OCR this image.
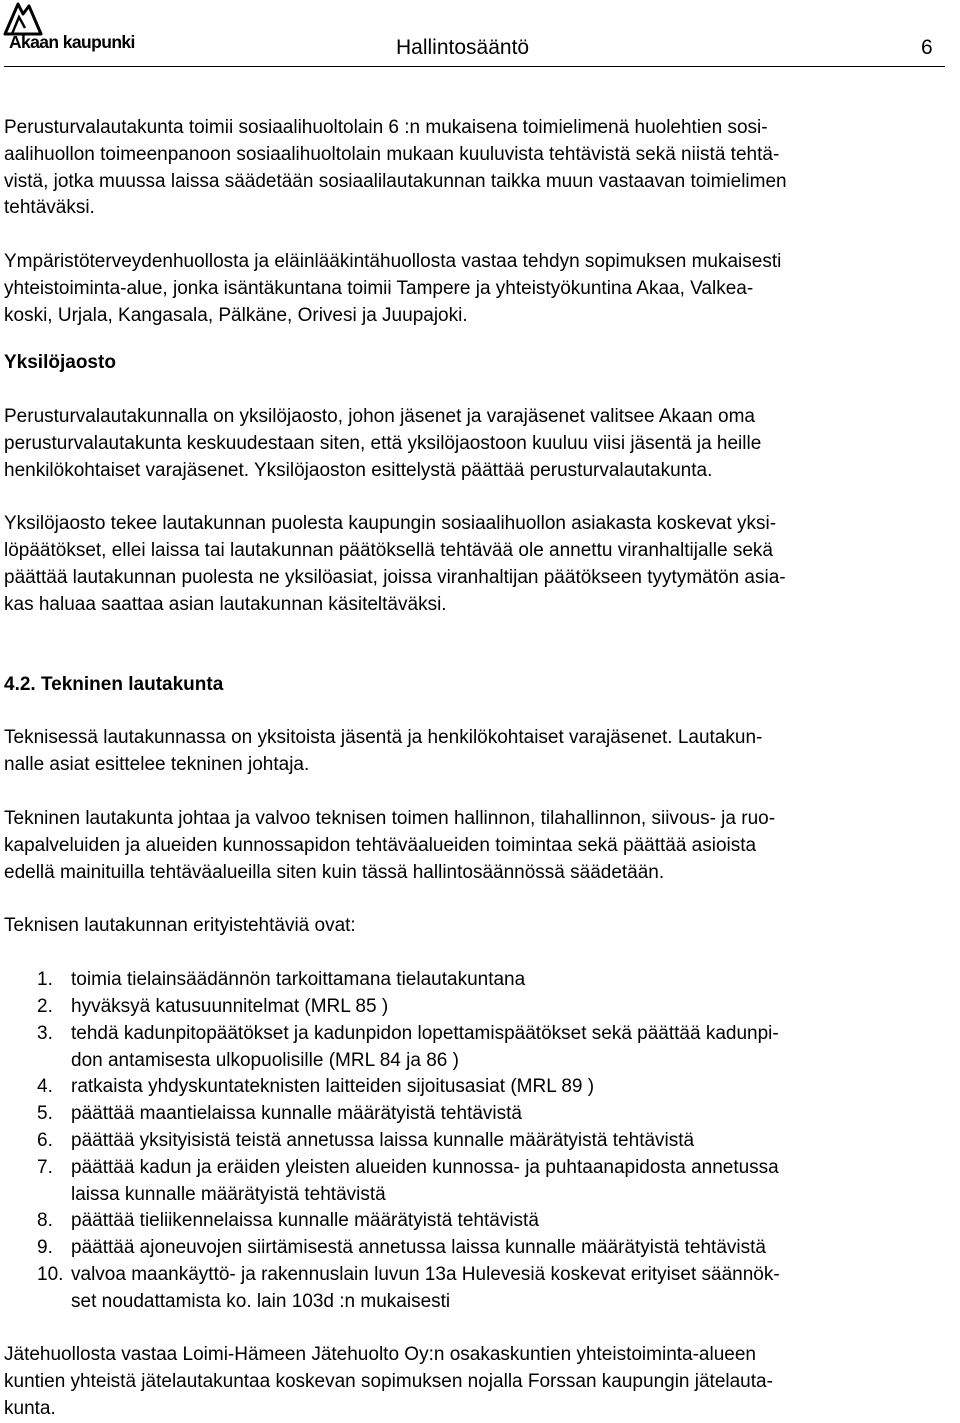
Akaan kaupunki	Hallintosääntö	6

Perusturvalautakunta toimii sosiaalihuoltolain 6 :n mukaisena toimielimenä huolehtien sosi-
aalihuollon toimeenpanoon sosiaalihuoltolain mukaan kuuluvista tehtävistä sekä niistä tehtä-
vistä, jotka muussa laissa säädetään sosiaalilautakunnan taikka muun vastaavan toimielimen
tehtäväksi.

Ympäristöterveydenhuollosta ja eläinlääkintähuollosta vastaa tehdyn sopimuksen mukaisesti
yhteistoiminta-alue, jonka isäntäkuntana toimii Tampere ja yhteistyökuntina Akaa, Valkea-
koski, Urjala, Kangasala, Pälkäne, Orivesi ja Juupajoki.

Yksilöjaosto

Perusturvalautakunnalla on yksilöjaosto, johon jäsenet ja varajäsenet valitsee Akaan oma
perusturvalautakunta keskuudestaan siten, että yksilöjaostoon kuuluu viisi jäsentä ja heille
henkilökohtaiset varajäsenet. Yksilöjaoston esittelystä päättää perusturvalautakunta.

Yksilöjaosto tekee lautakunnan puolesta kaupungin sosiaalihuollon asiakasta koskevat yksi-
löpäätökset, ellei laissa tai lautakunnan päätöksellä tehtävää ole annettu viranhaltijalle sekä
päättää lautakunnan puolesta ne yksilöasiat, joissa viranhaltijan päätökseen tyytymätön asia-
kas haluaa saattaa asian lautakunnan käsiteltäväksi.

4.2. Tekninen lautakunta

Teknisessä lautakunnassa on yksitoista jäsentä ja henkilökohtaiset varajäsenet. Lautakun-
nalle asiat esittelee tekninen johtaja.

Tekninen lautakunta johtaa ja valvoo teknisen toimen hallinnon, tilahallinnon, siivous- ja ruo-
kapalveluiden ja alueiden kunnossapidon tehtäväalueiden toimintaa sekä päättää asioista
edellä mainituilla tehtäväalueilla siten kuin tässä hallintosäännössä säädetään.

Teknisen lautakunnan erityistehtäviä ovat:

1. toimia tielainsäädännön tarkoittamana tielautakuntana
2. hyväksyä katusuunnitelmat (MRL 85 )
3. tehdä kadunpitopäätökset ja kadunpidon lopettamispäätökset sekä päättää kadunpi-
don antamisesta ulkopuolisille (MRL 84 ja 86 )
4. ratkaista yhdyskuntateknisten laitteiden sijoitusasiat (MRL 89 )
5. päättää maantielaissa kunnalle määrätyistä tehtävistä
6. päättää yksityisistä teistä annetussa laissa kunnalle määrätyistä tehtävistä
7. päättää kadun ja eräiden yleisten alueiden kunnossa- ja puhtaanapidosta annetussa
laissa kunnalle määrätyistä tehtävistä
8. päättää tieliikennelaissa kunnalle määrätyistä tehtävistä
9. päättää ajoneuvojen siirtämisestä annetussa laissa kunnalle määrätyistä tehtävistä
10. valvoa maankäyttö- ja rakennuslain luvun 13a Hulevesiä koskevat erityiset säännök-
set noudattamista ko. lain 103d :n mukaisesti

Jätehuollosta vastaa Loimi-Hämeen Jätehuolto Oy:n osakaskuntien yhteistoiminta-alueen
kuntien yhteistä jätelautakuntaa koskevan sopimuksen nojalla Forssan kaupungin jätelauta-
kunta.
